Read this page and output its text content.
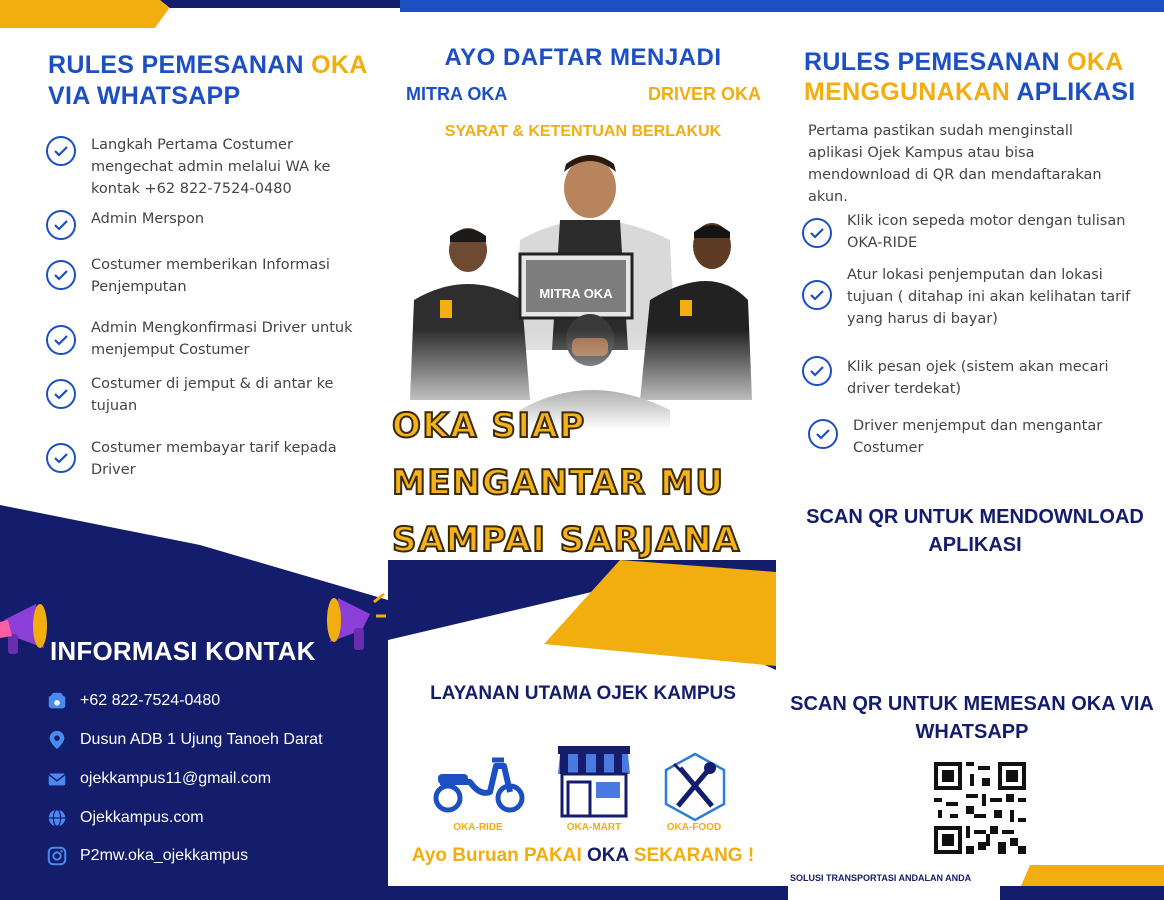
RULES PEMESANAN OKA
VIA WHATSAPP
Langkah Pertama Costumer mengechat admin melalui WA ke kontak +62 822-7524-0480
Admin Merspon
Costumer memberikan Informasi Penjemputan
Admin Mengkonfirmasi Driver untuk menjemput Costumer
Costumer di jemput & di antar ke tujuan
Costumer membayar tarif kepada Driver
INFORMASI KONTAK
+62 822-7524-0480
Dusun ADB 1 Ujung Tanoeh Darat
ojekkampus11@gmail.com
Ojekkampus.com
P2mw.oka_ojekkampus
AYO DAFTAR MENJADI
MITRA OKA	DRIVER OKA
SYARAT & KETENTUAN BERLAKUK
MITRA OKA
OKA SIAP
MENGANTAR MU
SAMPAI SARJANA
LAYANAN UTAMA OJEK KAMPUS
OKA-RIDE	OKA-MART	OKA-FOOD
Ayo Buruan PAKAI OKA SEKARANG !
RULES PEMESANAN OKA
MENGGUNAKAN APLIKASI
Pertama pastikan sudah menginstall aplikasi Ojek Kampus atau bisa mendownload di QR dan mendaftarakan akun.
Klik icon sepeda motor dengan tulisan OKA-RIDE
Atur lokasi penjemputan dan lokasi tujuan ( ditahap ini akan kelihatan tarif yang harus di bayar)
Klik pesan ojek (sistem akan mecari driver terdekat)
Driver menjemput dan mengantar Costumer
SCAN QR UNTUK MENDOWNLOAD APLIKASI
SCAN QR UNTUK MEMESAN OKA VIA WHATSAPP
SOLUSI TRANSPORTASI ANDALAN ANDA
